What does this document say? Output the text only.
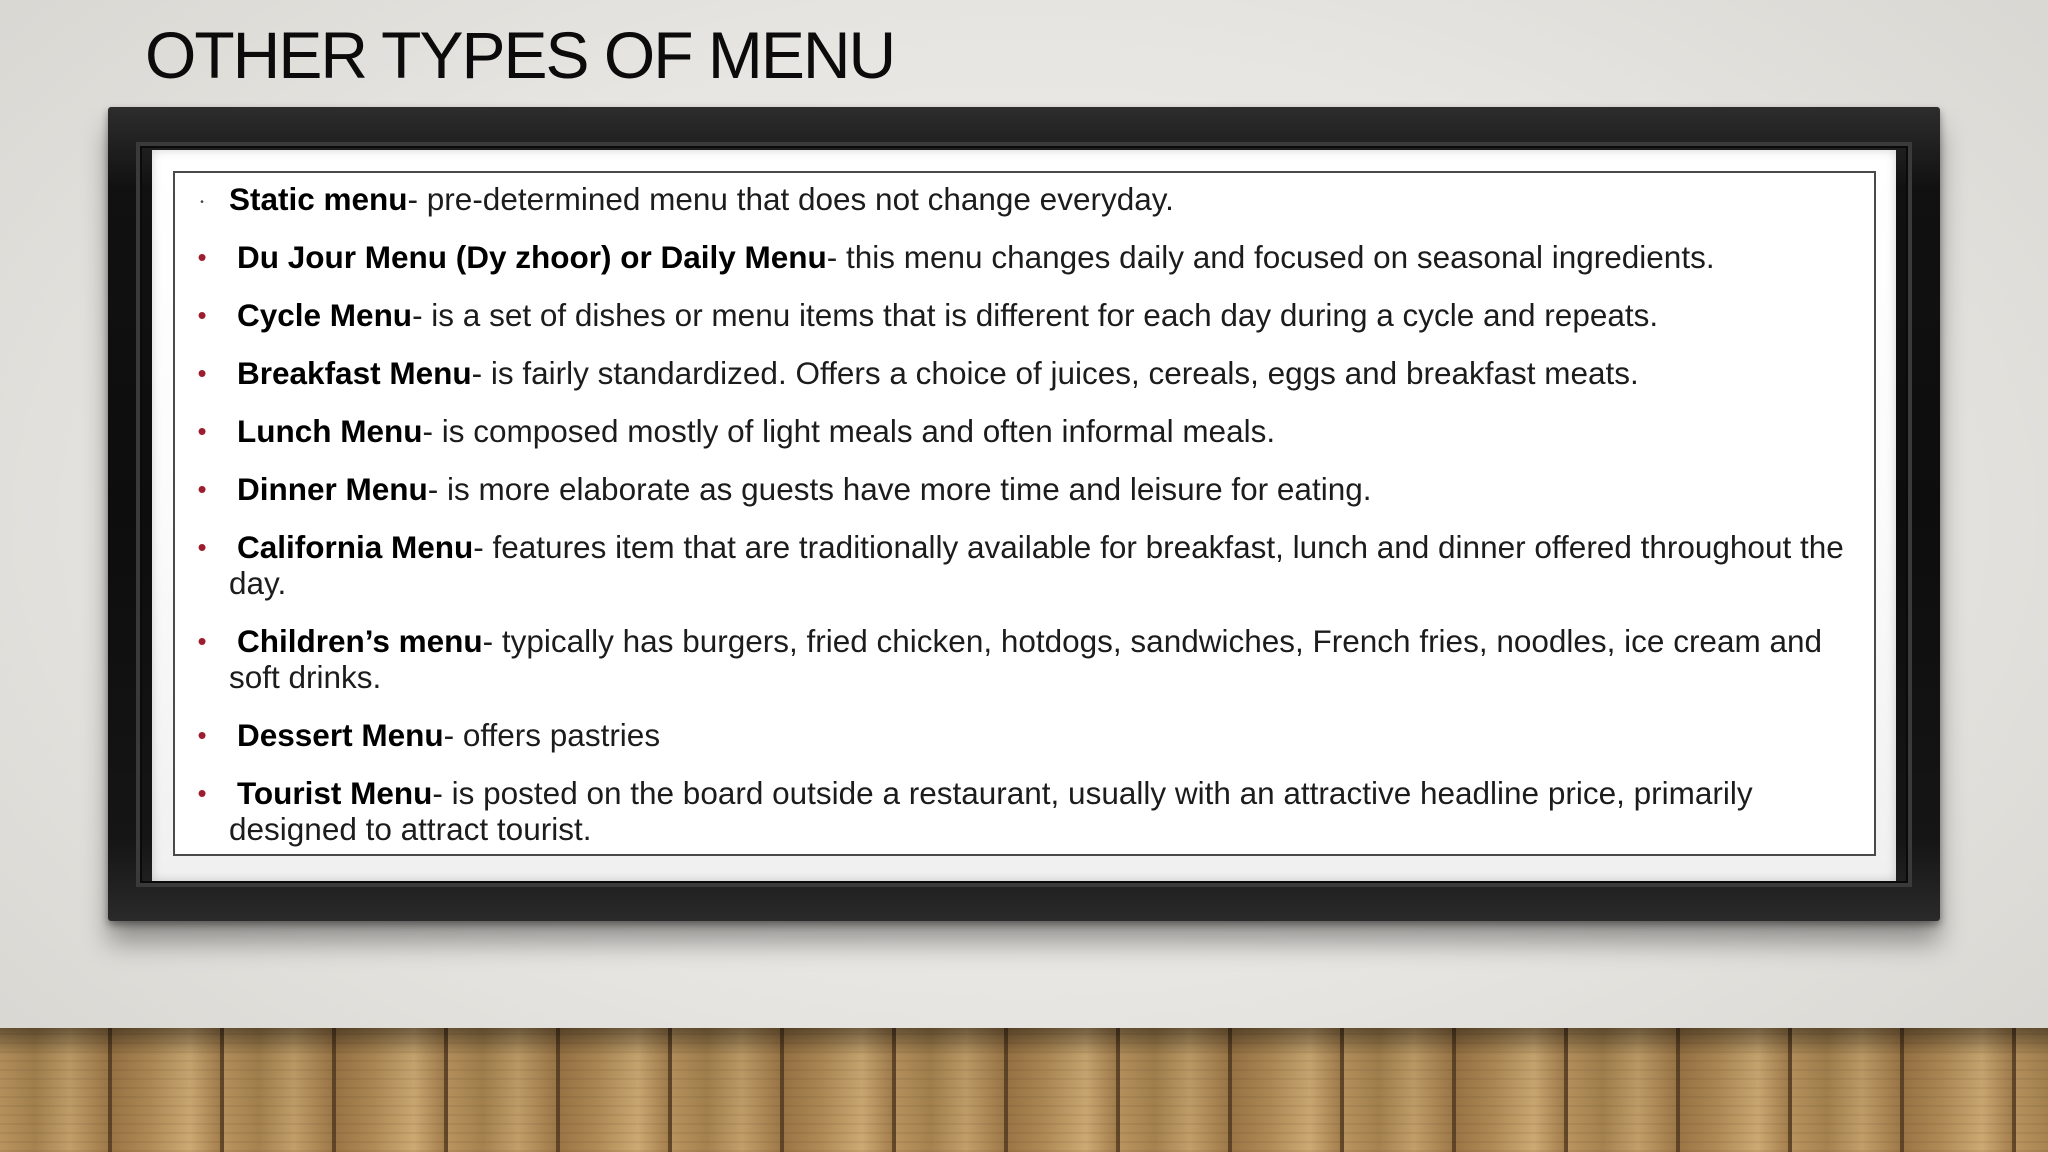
OTHER TYPES OF MENU
• Static menu- pre-determined menu that does not change everyday.
• Du Jour Menu (Dy zhoor) or Daily Menu- this menu changes daily and focused on seasonal ingredients.
• Cycle Menu- is a set of dishes or menu items that is different for each day during a cycle and repeats.
• Breakfast Menu- is fairly standardized. Offers a choice of juices, cereals, eggs and breakfast meats.
• Lunch Menu- is composed mostly of light meals and often informal meals.
• Dinner Menu- is more elaborate as guests have more time and leisure for eating.
• California Menu- features item that are traditionally available for breakfast, lunch and dinner offered throughout the day.
• Children’s menu- typically has burgers, fried chicken, hotdogs, sandwiches, French fries, noodles, ice cream and soft drinks.
• Dessert Menu- offers pastries
• Tourist Menu- is posted on the board outside a restaurant, usually with an attractive headline price, primarily designed to attract tourist.
